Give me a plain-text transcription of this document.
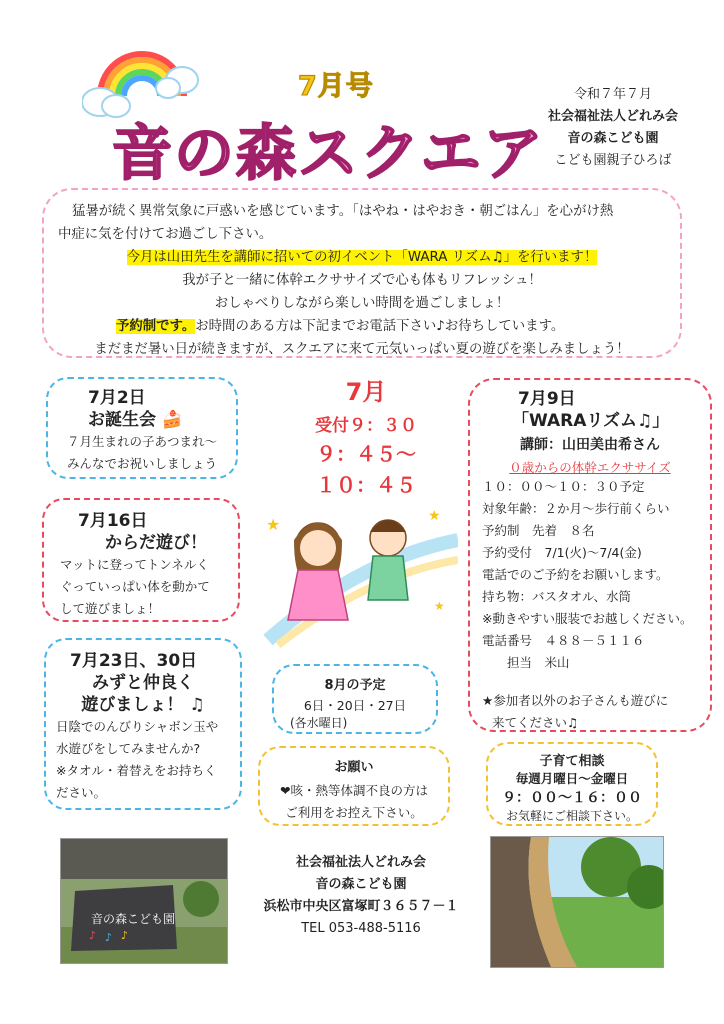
7月号
音の森スクエア
令和７年７月
社会福祉法人どれみ会
音の森こども園
こども園親子ひろば

猛暑が続く異常気象に戸惑いを感じています。「はやね・はやおき・朝ごはん」を心がけ熱

中症に気を付けてお過ごし下さい。

今月は山田先生を講師に招いての初イベント「WARA リズム♫」を行います！

我が子と一緒に体幹エクササイズで心も体もリフレッシュ！

おしゃべりしながら楽しい時間を過ごしましょ！

予約制です。お時間のある方は下記までお電話下さい♪お待ちしています。

まだまだ暑い日が続きますが、スクエアに来て元気いっぱい夏の遊びを楽しみましょう！

7月2日
お誕生会 🍰
７月生まれの子あつまれ～
みんなでお祝いしましょう
7月16日
からだ遊び！
マットに登ってトンネルく
ぐっていっぱい体を動かて
して遊びましょ！
7月23日、30日
みずと仲良く
遊びましょ！ ♫
日陰でのんびりシャボン玉や
水遊びをしてみませんか?
※タオル・着替えをお持ちく
ださい。
7月
受付９：３０
９：４５～
１０：４５
★	★
★
8月の予定
6日・20日・27日
(各水曜日)
お願い
❤咳・熱等体調不良の方は
ご利用をお控え下さい。
7月9日
「WARAリズム♫」
講師：山田美由希さん
０歳からの体幹エクササイズ
１０：００～１０：３０予定
対象年齢：２か月～歩行前くらい
予約制　先着　８名
予約受付　7/1(火)～7/4(金)
電話でのご予約をお願いします。
持ち物：バスタオル、水筒
※動きやすい服装でお越しください。
電話番号　４８８－５１１６
　　担当　米山
★参加者以外のお子さんも遊びに
来てください♫
子育て相談
毎週月曜日～金曜日
９：００～１６：００
お気軽にご相談下さい。
社会福祉法人どれみ会
音の森こども園
浜松市中央区富塚町３６５７－１
TEL 053-488-5116
音の森こども園
♪ ♪ ♪
